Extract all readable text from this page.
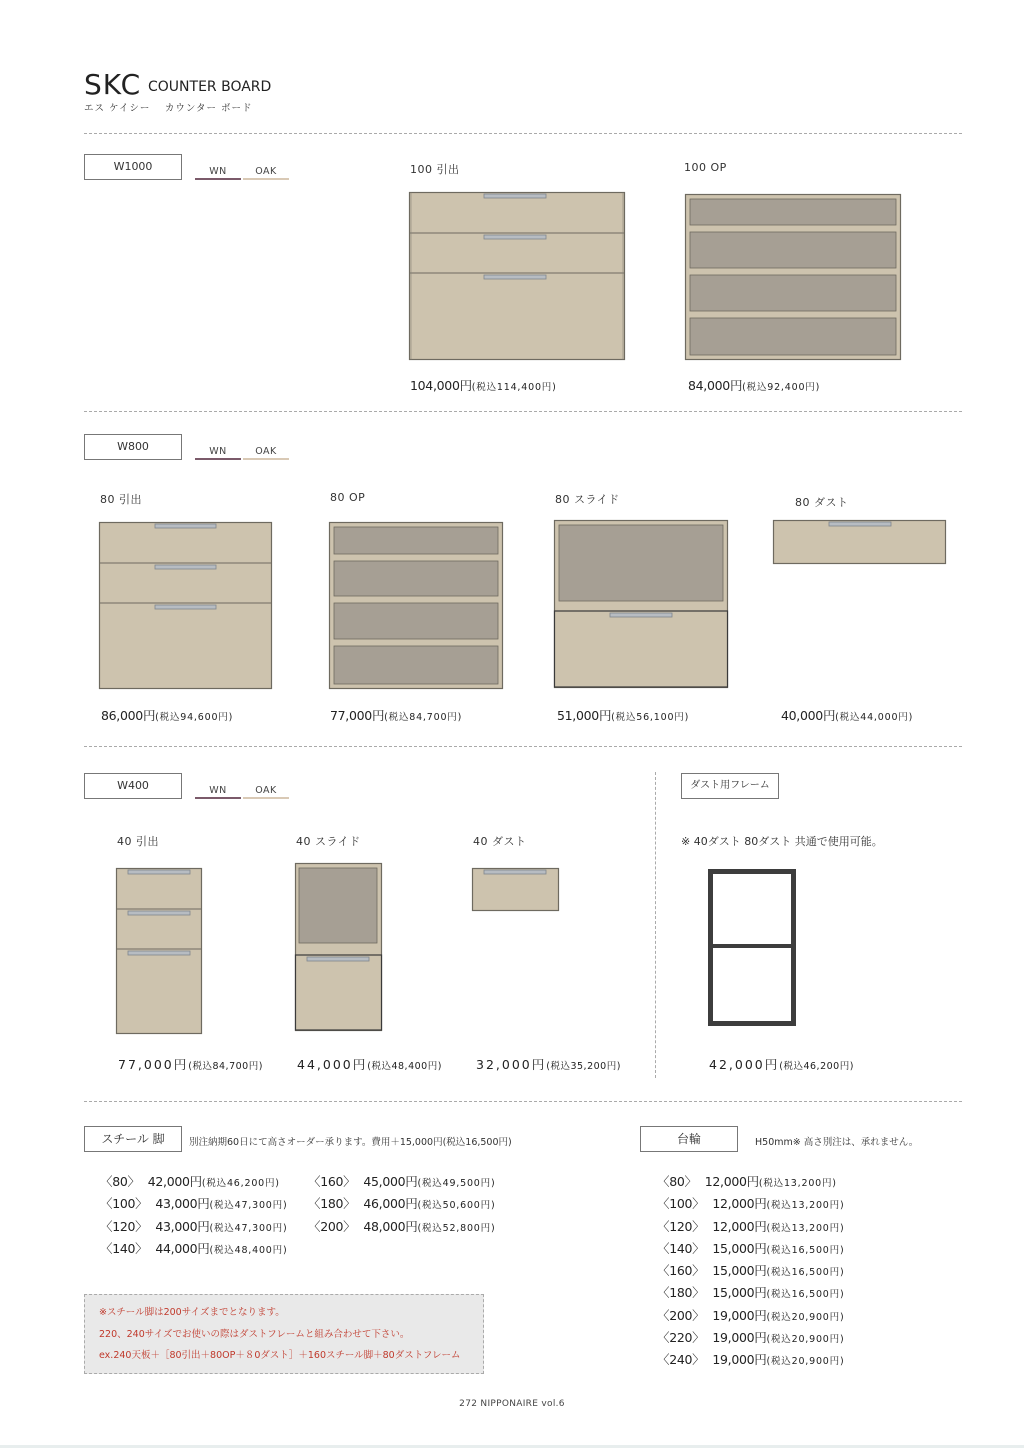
SKC COUNTER BOARD
エス ケイシー　 カウンター ボード
W1000	WN	OAK	100 引出
104,000円(税込114,400円)
100 OP
84,000円(税込92,400円)
W800	WN	OAK
80 引出
86,000円(税込94,600円)
80 OP
77,000円(税込84,700円)
80 スライド
51,000円(税込56,100円)
80 ダスト
40,000円(税込44,000円)
W400	WN	OAK
40 引出
77,000円(税込84,700円)
40 スライド
44,000円(税込48,400円)
40 ダスト
32,000円(税込35,200円)
ダスト用フレーム
※ 40ダスト 80ダスト 共通で使用可能。
42,000円(税込46,200円)
スチール 脚	別注納期60日にて高さオーダー承ります。費用＋15,000円(税込16,500円)
〈80〉 42,000円(税込46,200円)
〈100〉 43,000円(税込47,300円)
〈120〉 43,000円(税込47,300円)
〈140〉 44,000円(税込48,400円)
〈160〉 45,000円(税込49,500円)
〈180〉 46,000円(税込50,600円)
〈200〉 48,000円(税込52,800円)
※スチール脚は200サイズまでとなります。
220、240サイズでお使いの際はダストフレームと組み合わせて下さい。
ex.240天板＋［80引出＋80OP＋８0ダスト］＋160スチール脚＋80ダストフレーム
台輪	H50mm※ 高さ別注は、承れません。
〈80〉 12,000円(税込13,200円)
〈100〉 12,000円(税込13,200円)
〈120〉 12,000円(税込13,200円)
〈140〉 15,000円(税込16,500円)
〈160〉 15,000円(税込16,500円)
〈180〉 15,000円(税込16,500円)
〈200〉 19,000円(税込20,900円)
〈220〉 19,000円(税込20,900円)
〈240〉 19,000円(税込20,900円)
272 NIPPONAIRE vol.6
